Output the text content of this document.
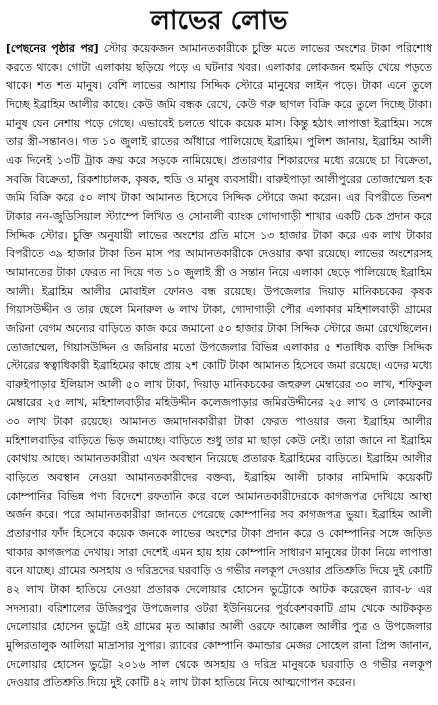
লাভের লোভ
[পেছনের পৃষ্ঠার পর] স্টোর কয়েকজন আমানতকারীকে চুক্তি মতে লাভের অংশের টাকা পরিশোধ করতে থাকে। গোটা এলাকায় ছড়িয়ে পড়ে এ ঘটনার খবর। এলাকার লোকজন হুমড়ি খেয়ে পড়তে থাকে। শত শত মানুষ। বেশি লাভের আশায় সিদ্দিক স্টোরে মানুষের লাইন পড়ে। টাকা এনে তুলে দিচ্ছে ইব্রাহিম আলীর কাছে। কেউ জমি বন্ধক রেখে, কেউ গরু ছাগল বিক্রি করে তুলে দিচ্ছে টাকা। মানুষ যেন নেশায় পড়ে গেছে। এভাবেই চলতে থাকে কয়েক মাস। কিন্তু হঠাৎ লাপাত্তা ইব্রাহিম। সঙ্গে তার স্ত্রী-সন্তানও। গত ১০ জুলাই রাতের আঁধারে পালিয়েছে ইব্রাহিম। পুলিশ জানায়, ইব্রাহিম আলী এক দিনেই ১৩টি ট্রাক ক্রয় করে সড়কে নামিয়েছে। প্রতারণার শিকারদের মধ্যে রয়েছে চা বিক্রেতা, সবজি বিক্রেতা, রিকশাচালক, কৃষক, হুডি ও মানুষ ব্যবসায়ী। বারুইপাড়া আলীপুরের তোজাম্মেল হক জমি বিক্রি করে ৫০ লাখ টাকা আমানত হিসেবে সিদ্দিক স্টোরে জমা করেন। এর বিপরীতে তিনশ টাকার নন-জুডিসিয়াল স্ট্যাম্পে লিখিত ও সোনালী ব্যাংক গোদাগাড়ী শাখার একটি চেক প্রদান করে সিদ্দিক স্টোর। চুক্তি অনুযায়ী লাভের অংশের প্রতি মাসে ১৩ হাজার টাকা করে এক লাখ টাকার বিপরীতে ৩৯ হাজার টাকা তিন মাস পর আমানতকারীকে দেওয়ার কথা রয়েছে। লাভের অংশেরসহ আমানতের টাকা ফেরত না দিয়ে গত ১০ জুলাই স্ত্রী ও সন্তান নিয়ে এলাকা ছেড়ে পালিয়েছে ইব্রাহিম আলী। ইব্রাহিম আলীর মোবাইল ফোনও বন্ধ রয়েছে। উপজেলার দিয়াড় মানিকচকের কৃষক গিয়াসউদ্দীন ও তার ছেলে মিনারুল ৬ লাখ টাকা, গোদাগাড়ী পৌর এলাকার মহিশালবাড়ী গ্রামের জরিনা বেগম অন্যের বাড়িতে কাজ করে জমানো ৫০ হাজার টাকা সিদ্দিক স্টোরে জমা রেখেছিলেন। তোজাম্মেল, গিয়াসউদ্দিন ও জরিনার মতো উপজেলার বিভিন্ন এলাকার ৫ শতাধিক ব্যক্তি সিদ্দিক স্টোরের স্বত্বাধিকারী ইব্রাহিমের কাছে প্রায় ২শ কোটি টাকা আমানত হিসেবে জমা রয়েছে। এদের মধ্যে বারুইপাড়ার ইলিয়াস আলী ৫০ লাখ টাকা, দিয়াড় মানিকচকের জহুরুল মেম্বারের ৩০ লাখ, শফিকুল মেম্বারের ২৫ লাখ, মহিশালবাড়ীর মহিউদ্দীন কলেজপাড়ার জমিরউদ্দীনের ২৫ লাখ ও লোকমানের ৩০ লাখ টাকা রয়েছে। আমানত জমাদানকারীরা টাকা ফেরত পাওয়ার জন্য ইব্রাহিম আলীর মহিশালবাড়ির বাড়িতে ভিড় জমাচ্ছে। বাড়িতে শুধু তার মা ছাড়া কেউ নেই। তারা জানে না ইব্রাহিম কোথায় আছে। আমানতকারীরা এখন অবস্থান নিয়েছে প্রতারক ইব্রাহিমের বাড়িতে। ইব্রাহিম আলীর বাড়িতে অবস্থান নেওয়া আমানতকারীদের বক্তব্য, ইব্রাহিম আলী চাকার নামিদামি কয়েকটি কোম্পানির বিভিন্ন পণ্য বিদেশে রফতানি করে বলে আমানতকারীদেরকে কাগজপত্র দেখিয়ে আস্থা অর্জন করে। পরে আমানতকারীরা জানতে পেরেছে কোম্পানির সব কাগজপত্র ভুয়া। ইব্রাহিম আলী প্রতারণার ফাঁদ হিসেবে কয়েক জনকে লাভের অংশের টাকা প্রদান করে ও কোম্পানির সঙ্গে জড়িত থাকার কাগজপত্র দেখায়। সারা দেশেই এমন হায় হায় কোম্পানি সাধারণ মানুষের টাকা নিয়ে লাপাত্তা বনে যাচ্ছে। গ্রামের অসহায় ও দরিদ্রদের ঘরবাড়ি ও গভীর নলকূপ দেওয়ার প্রতিশ্রুতি দিয়ে দুই কোটি ৪২ লাখ টাকা হাতিয়ে নেওয়া প্রতারক দেলোয়ার হোসেন ভুট্টোকে আটক করেছেন র‌্যাব-৮ এর সদস্যরা। বরিশালের উজিরপুর উপজেলার ওটরা ইউনিয়নের পূর্বকেশবকাটি গ্রাম থেকে আটককৃত দেলোয়ার হোসেন ভুট্টো ওই গ্রামের মৃত আক্কার আলী ওরফে আক্কেল আলীর পুত্র ও উপজেলার মুন্সিরতালুক আলিয়া মাদ্রাসার সুপার। র‌্যাবের কোম্পানি কমান্ডার মেজর সোহেল রানা প্রিন্স জানান, দেলোয়ার হোসেন ভুট্টো ২০১৬ সাল থেকে অসহায় ও দরিদ্র মানুষকে ঘরবাড়ি ও গভীর নলকূপ দেওয়ার প্রতিশ্রুতি দিয়ে দুই কোটি ৪২ লাখ টাকা হাতিয়ে নিয়ে আত্মগোপন করেন।
